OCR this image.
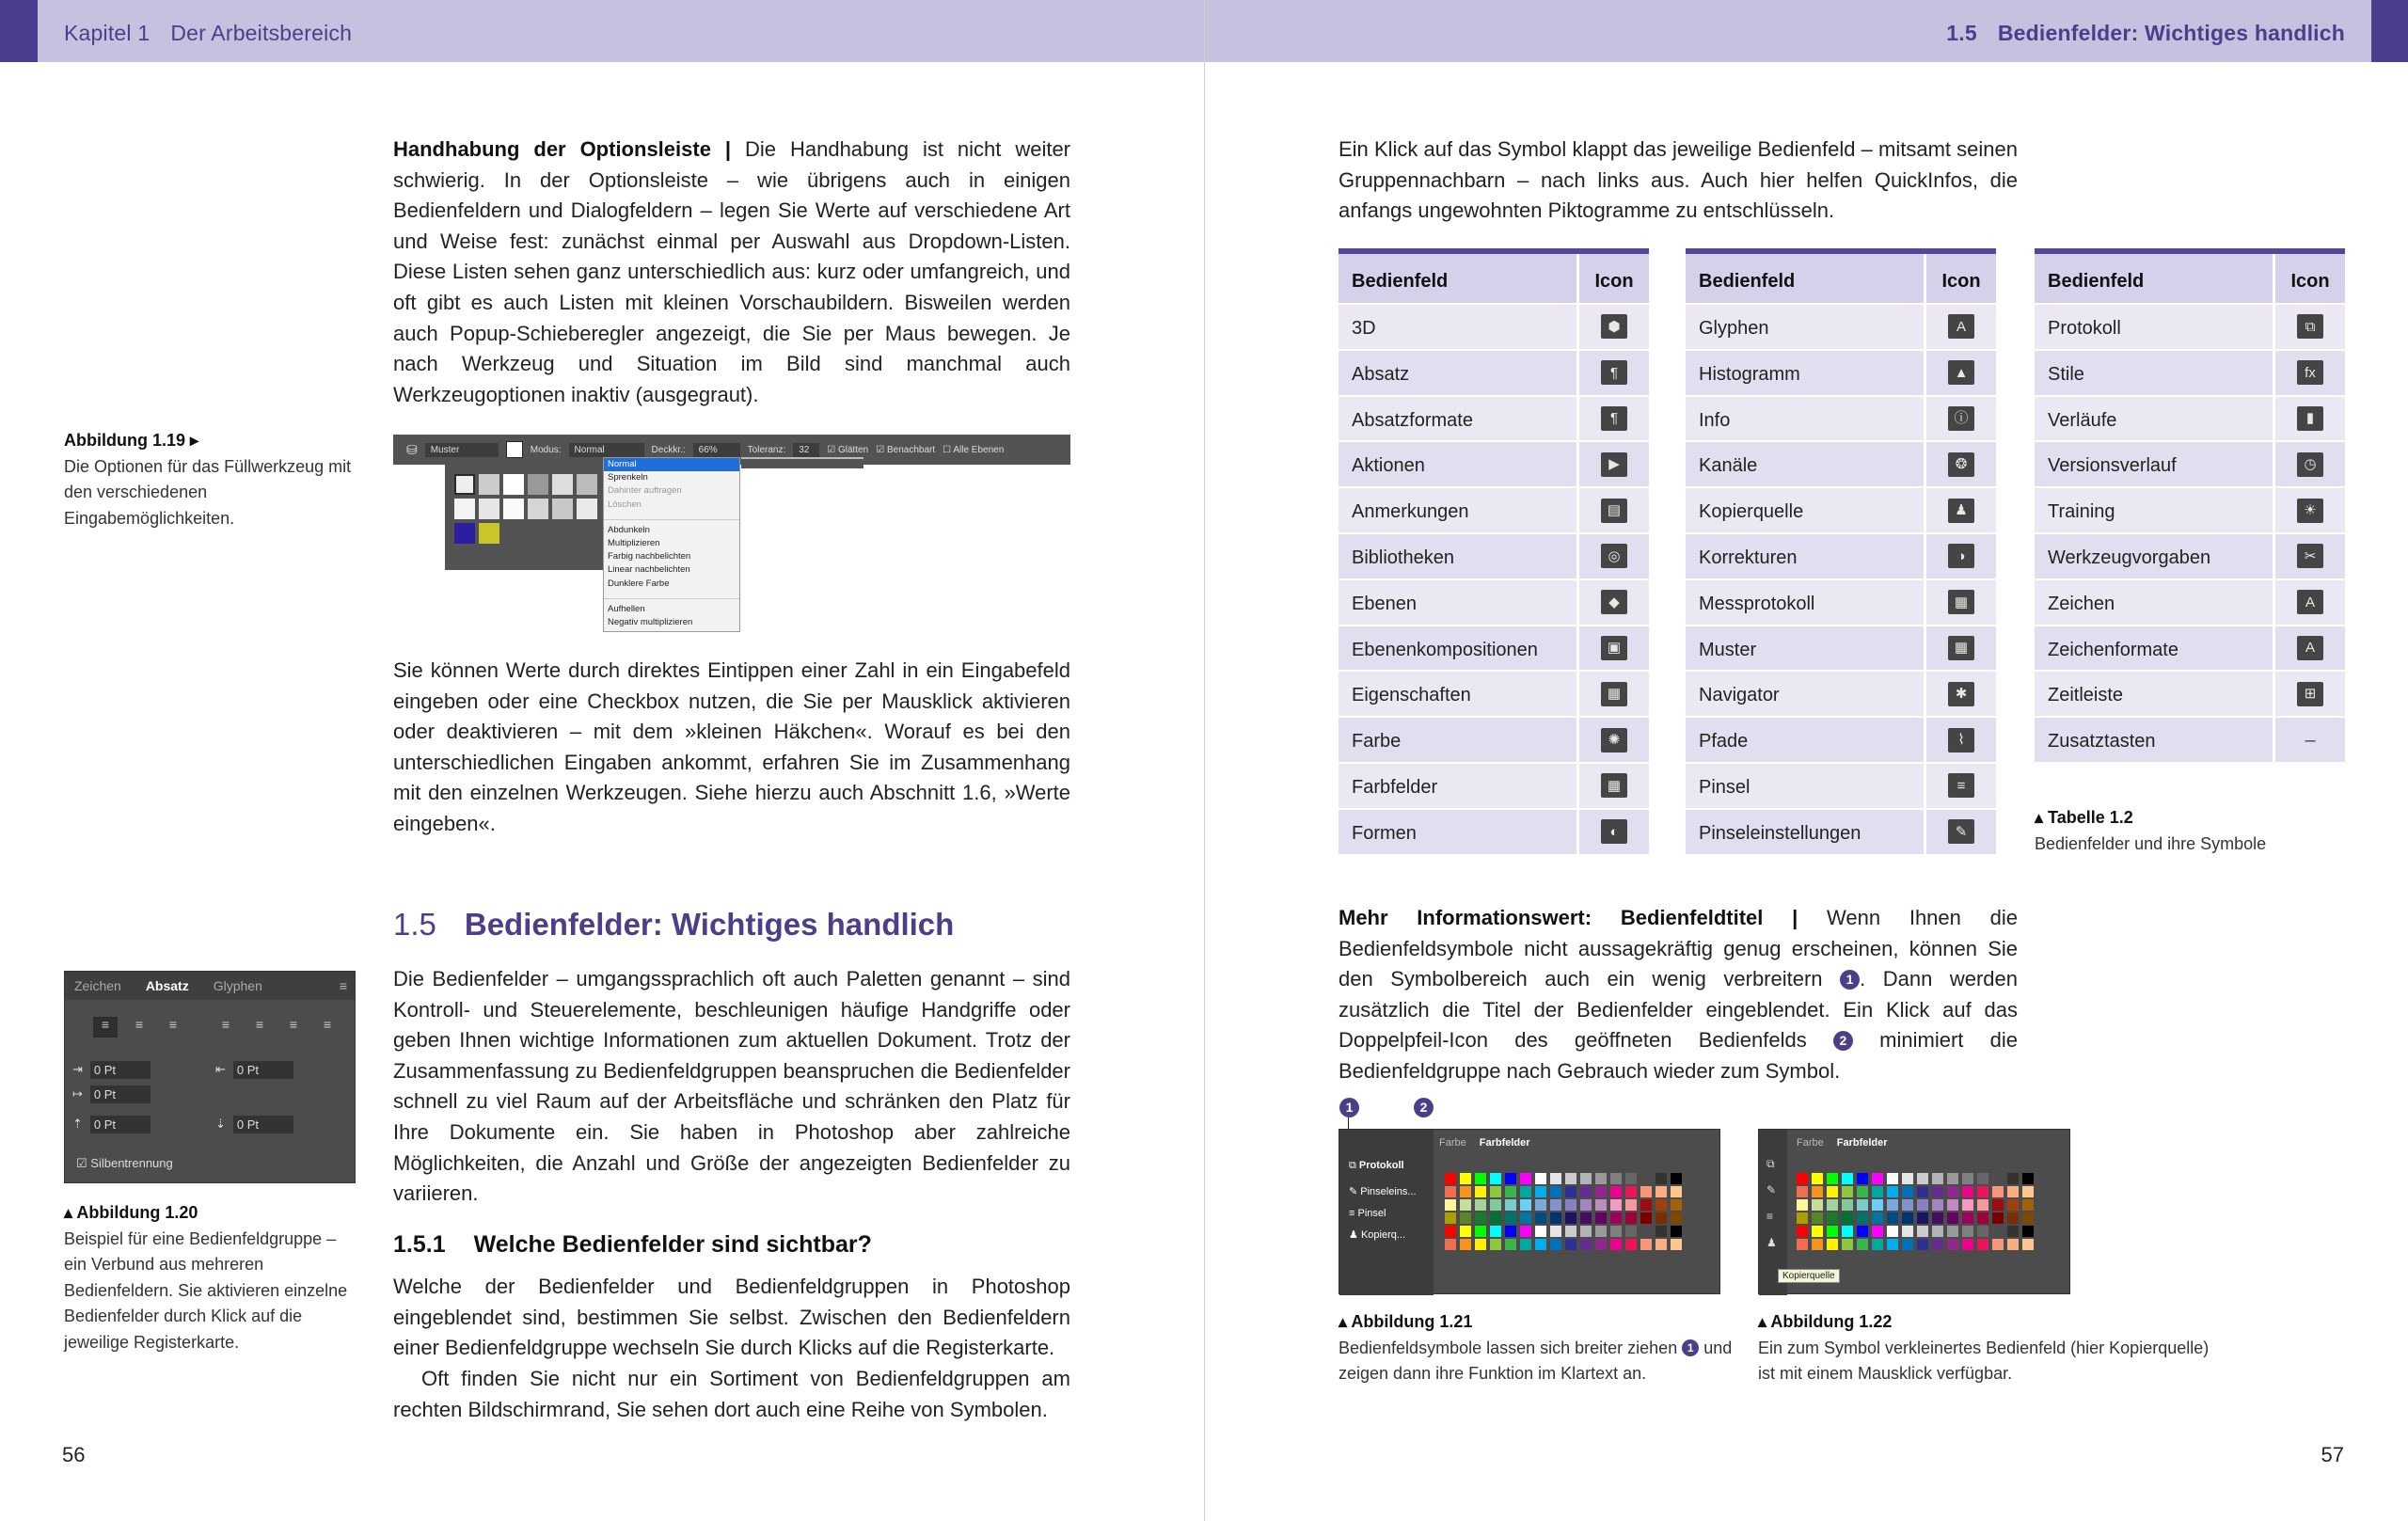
Kapitel 1 Der Arbeitsbereich
Abbildung 1.19 ▸
Die Optionen für das Füllwerkzeug mit den verschiedenen Eingabemöglichkeiten.
Handhabung der Optionsleiste | Die Handhabung ist nicht weiter schwierig. In der Optionsleiste – wie übrigens auch in einigen Bedienfeldern und Dialogfeldern – legen Sie Werte auf verschiedene Art und Weise fest: zunächst einmal per Auswahl aus Dropdown-Listen. Diese Listen sehen ganz unterschiedlich aus: kurz oder umfangreich, und oft gibt es auch Listen mit kleinen Vorschaubildern. Bisweilen werden auch Popup-Schieberegler angezeigt, die Sie per Maus bewegen. Je nach Werkzeug und Situation im Bild sind manchmal auch Werkzeugoptionen inaktiv (ausgegraut).
⛁	Muster	Modus:	Normal	Deckkr.:	66%	Toleranz:	32	☑ Glätten ☑ Benachbart ☐ Alle Ebenen
Normal
Sprenkeln
Dahinter auftragen
Löschen
Abdunkeln
Multiplizieren
Farbig nachbelichten
Linear nachbelichten
Dunklere Farbe
Aufhellen
Negativ multiplizieren
Sie können Werte durch direktes Eintippen einer Zahl in ein Eingabefeld eingeben oder eine Checkbox nutzen, die Sie per Mausklick aktivieren oder deaktivieren – mit dem »kleinen Häkchen«. Worauf es bei den unterschiedlichen Eingaben ankommt, erfahren Sie im Zusammenhang mit den einzelnen Werkzeugen. Siehe hierzu auch Abschnitt 1.6, »Werte eingeben«.
1.5 Bedienfelder: Wichtiges handlich
Die Bedienfelder – umgangssprachlich oft auch Paletten genannt – sind Kontroll- und Steuerelemente, beschleunigen häufige Handgriffe oder geben Ihnen wichtige Informationen zum aktuellen Dokument. Trotz der Zusammenfassung zu Bedienfeldgruppen beanspruchen die Bedienfelder schnell zu viel Raum auf der Arbeitsfläche und schränken den Platz für Ihre Dokumente ein. Sie haben in Photoshop aber zahlreiche Möglichkeiten, die Anzahl und Größe der angezeigten Bedienfelder zu variieren.
Zeichen Absatz Glyphen	≡
≡	≡	≡	≡	≡	≡	≡
⇥ 0 Pt
↦ 0 Pt
⇡ 0 Pt
⇤ 0 Pt
⇣ 0 Pt
☑ Silbentrennung
▴ Abbildung 1.20
Beispiel für eine Bedienfeldgruppe – ein Verbund aus mehreren Bedienfeldern. Sie aktivieren einzelne Bedienfelder durch Klick auf die jeweilige Registerkarte.
1.5.1 Welche Bedienfelder sind sichtbar?
Welche der Bedienfelder und Bedienfeldgruppen in Photoshop eingeblendet sind, bestimmen Sie selbst. Zwischen den Bedienfeldern einer Bedienfeldgruppe wechseln Sie durch Klicks auf die Registerkarte.
Oft finden Sie nicht nur ein Sortiment von Bedienfeldgruppen am rechten Bildschirmrand, Sie sehen dort auch eine Reihe von Symbolen.
56
1.5 Bedienfelder: Wichtiges handlich
Ein Klick auf das Symbol klappt das jeweilige Bedienfeld – mitsamt seinen Gruppennachbarn – nach links aus. Auch hier helfen QuickInfos, die anfangs ungewohnten Piktogramme zu entschlüsseln.
Bedienfeld	Icon
3D	⬢
Absatz	¶
Absatzformate	¶
Aktionen	▶
Anmerkungen	▤
Bibliotheken	◎
Ebenen	◆
Ebenenkompositionen	▣
Eigenschaften	▦
Farbe	✺
Farbfelder	▦
Formen	◐
Bedienfeld	Icon
Glyphen	A
Histogramm	▲
Info	ⓘ
Kanäle	❂
Kopierquelle	♟
Korrekturen	◑
Messprotokoll	▦
Muster	▦
Navigator	✱
Pfade	⌇
Pinsel	≡
Pinseleinstellungen	✎
Bedienfeld	Icon
Protokoll	⧉
Stile	fx
Verläufe	▮
Versionsverlauf	◷
Training	☀
Werkzeugvorgaben	✂
Zeichen	A
Zeichenformate	A
Zeitleiste	⊞
Zusatztasten	–
▴ Tabelle 1.2
Bedienfelder und ihre Symbole
Mehr Informationswert: Bedienfeldtitel | Wenn Ihnen die Bedienfeldsymbole nicht aussagekräftig genug erscheinen, können Sie den Symbolbereich auch ein wenig verbreitern 1 . Dann werden zusätzlich die Titel der Bedienfelder eingeblendet. Ein Klick auf das Doppelpfeil-Icon des geöffneten Bedienfelds 2 minimiert die Bedienfeldgruppe nach Gebrauch wieder zum Symbol.
1	2
⧉ Protokoll
✎ Pinseleins...
≡ Pinsel
♟ Kopierq...
Farbe Farbfelder
▴ Abbildung 1.21
Bedienfeldsymbole lassen sich breiter ziehen 1 und zeigen dann ihre Funktion im Klartext an.
⧉
✎
≡
♟
Farbe Farbfelder
Kopierquelle
▴ Abbildung 1.22
Ein zum Symbol verkleinertes Bedienfeld (hier Kopierquelle) ist mit einem Mausklick verfügbar.
57
